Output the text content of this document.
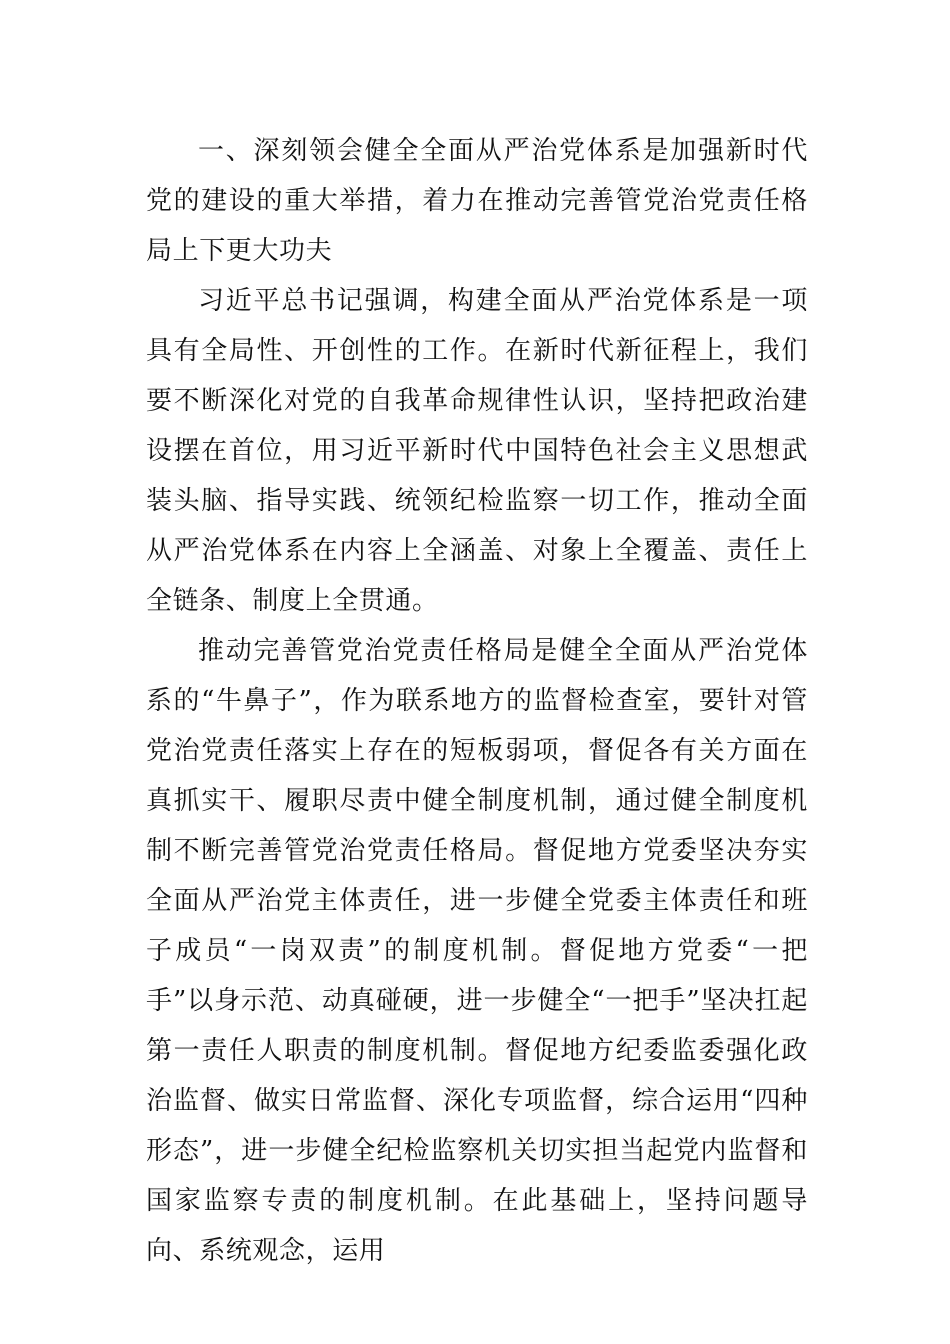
一、深刻领会健全全面从严治党体系是加强新时代党的建设的重大举措，着力在推动完善管党治党责任格局上下更大功夫

习近平总书记强调，构建全面从严治党体系是一项具有全局性、开创性的工作。在新时代新征程上，我们要不断深化对党的自我革命规律性认识，坚持把政治建设摆在首位，用习近平新时代中国特色社会主义思想武装头脑、指导实践、统领纪检监察一切工作，推动全面从严治党体系在内容上全涵盖、对象上全覆盖、责任上全链条、制度上全贯通。

推动完善管党治党责任格局是健全全面从严治党体系的“牛鼻子”，作为联系地方的监督检查室，要针对管党治党责任落实上存在的短板弱项，督促各有关方面在真抓实干、履职尽责中健全制度机制，通过健全制度机制不断完善管党治党责任格局。督促地方党委坚决夯实全面从严治党主体责任，进一步健全党委主体责任和班子成员“一岗双责”的制度机制。督促地方党委“一把手”以身示范、动真碰硬，进一步健全“一把手”坚决扛起第一责任人职责的制度机制。督促地方纪委监委强化政治监督、做实日常监督、深化专项监督，综合运用“四种形态”，进一步健全纪检监察机关切实担当起党内监督和国家监察专责的制度机制。在此基础上，坚持问题导向、系统观念，运用
